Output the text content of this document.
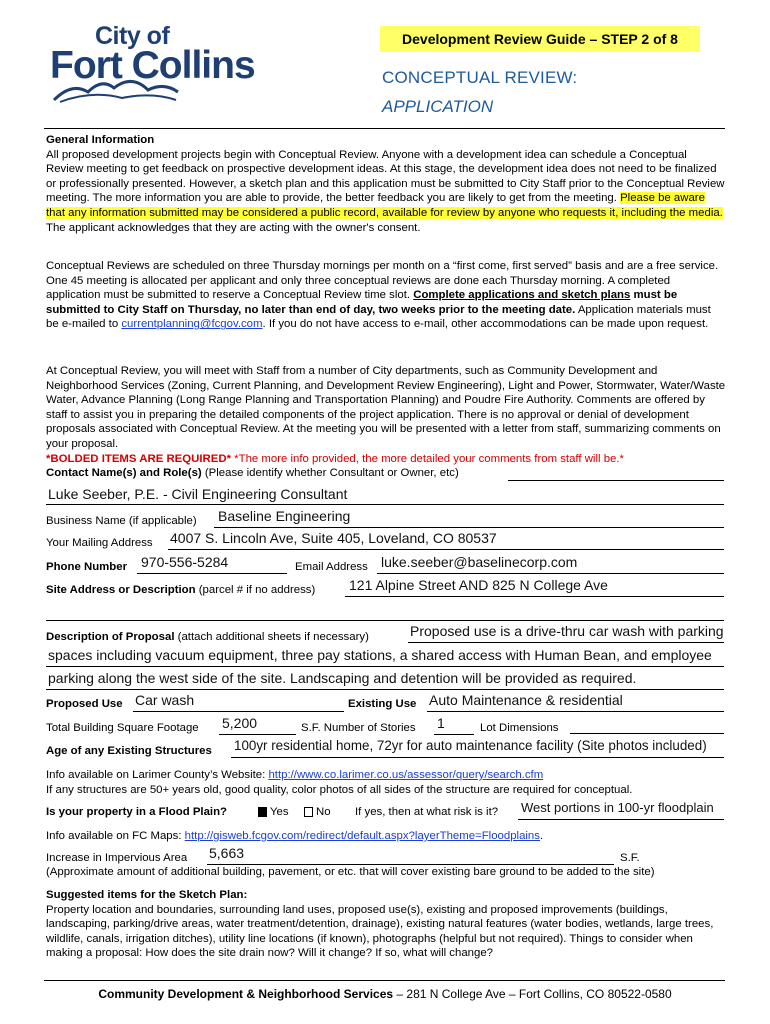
City of
Fort Collins
Development Review Guide – STEP 2 of 8
CONCEPTUAL REVIEW:
APPLICATION
General Information
All proposed development projects begin with Conceptual Review. Anyone with a development idea can schedule a Conceptual Review meeting to get feedback on prospective development ideas. At this stage, the development idea does not need to be finalized or professionally presented. However, a sketch plan and this application must be submitted to City Staff prior to the Conceptual Review meeting. The more information you are able to provide, the better feedback you are likely to get from the meeting. Please be aware that any information submitted may be considered a public record, available for review by anyone who requests it, including the media. The applicant acknowledges that they are acting with the owner's consent.
Conceptual Reviews are scheduled on three Thursday mornings per month on a “first come, first served” basis and are a free service. One 45 meeting is allocated per applicant and only three conceptual reviews are done each Thursday morning. A completed application must be submitted to reserve a Conceptual Review time slot. Complete applications and sketch plans must be submitted to City Staff on Thursday, no later than end of day, two weeks prior to the meeting date. Application materials must be e-mailed to currentplanning@fcgov.com. If you do not have access to e-mail, other accommodations can be made upon request.
At Conceptual Review, you will meet with Staff from a number of City departments, such as Community Development and Neighborhood Services (Zoning, Current Planning, and Development Review Engineering), Light and Power, Stormwater, Water/Waste Water, Advance Planning (Long Range Planning and Transportation Planning) and Poudre Fire Authority. Comments are offered by staff to assist you in preparing the detailed components of the project application. There is no approval or denial of development proposals associated with Conceptual Review. At the meeting you will be presented with a letter from staff, summarizing comments on your proposal.
*BOLDED ITEMS ARE REQUIRED* *The more info provided, the more detailed your comments from staff will be.*
Contact Name(s) and Role(s) (Please identify whether Consultant or Owner, etc)
Luke Seeber, P.E. - Civil Engineering Consultant
Business Name (if applicable) Baseline Engineering
Your Mailing Address 4007 S. Lincoln Ave, Suite 405, Loveland, CO 80537
Phone Number 970-556-5284	Email Address luke.seeber@baselinecorp.com
Site Address or Description (parcel # if no address) 121 Alpine Street AND 825 N College Ave
Description of Proposal (attach additional sheets if necessary)	Proposed use is a drive-thru car wash with parking
spaces including vacuum equipment, three pay stations, a shared access with Human Bean, and employee
parking along the west side of the site. Landscaping and detention will be provided as required.
Proposed Use Car wash	Existing Use Auto Maintenance & residential
Total Building Square Footage 5,200	S.F. Number of Stories 1	Lot Dimensions
Age of any Existing Structures 100yr residential home, 72yr for auto maintenance facility (Site photos included)
Info available on Larimer County’s Website: http://www.co.larimer.co.us/assessor/query/search.cfm
If any structures are 50+ years old, good quality, color photos of all sides of the structure are required for conceptual.
Is your property in a Flood Plain?	Yes	No If yes, then at what risk is it? West portions in 100-yr floodplain
Info available on FC Maps: http://gisweb.fcgov.com/redirect/default.aspx?layerTheme=Floodplains.
Increase in Impervious Area 5,663	S.F.
(Approximate amount of additional building, pavement, or etc. that will cover existing bare ground to be added to the site)
Suggested items for the Sketch Plan:
Property location and boundaries, surrounding land uses, proposed use(s), existing and proposed improvements (buildings, landscaping, parking/drive areas, water treatment/detention, drainage), existing natural features (water bodies, wetlands, large trees, wildlife, canals, irrigation ditches), utility line locations (if known), photographs (helpful but not required). Things to consider when making a proposal: How does the site drain now? Will it change? If so, what will change?
Community Development & Neighborhood Services – 281 N College Ave – Fort Collins, CO 80522-0580
